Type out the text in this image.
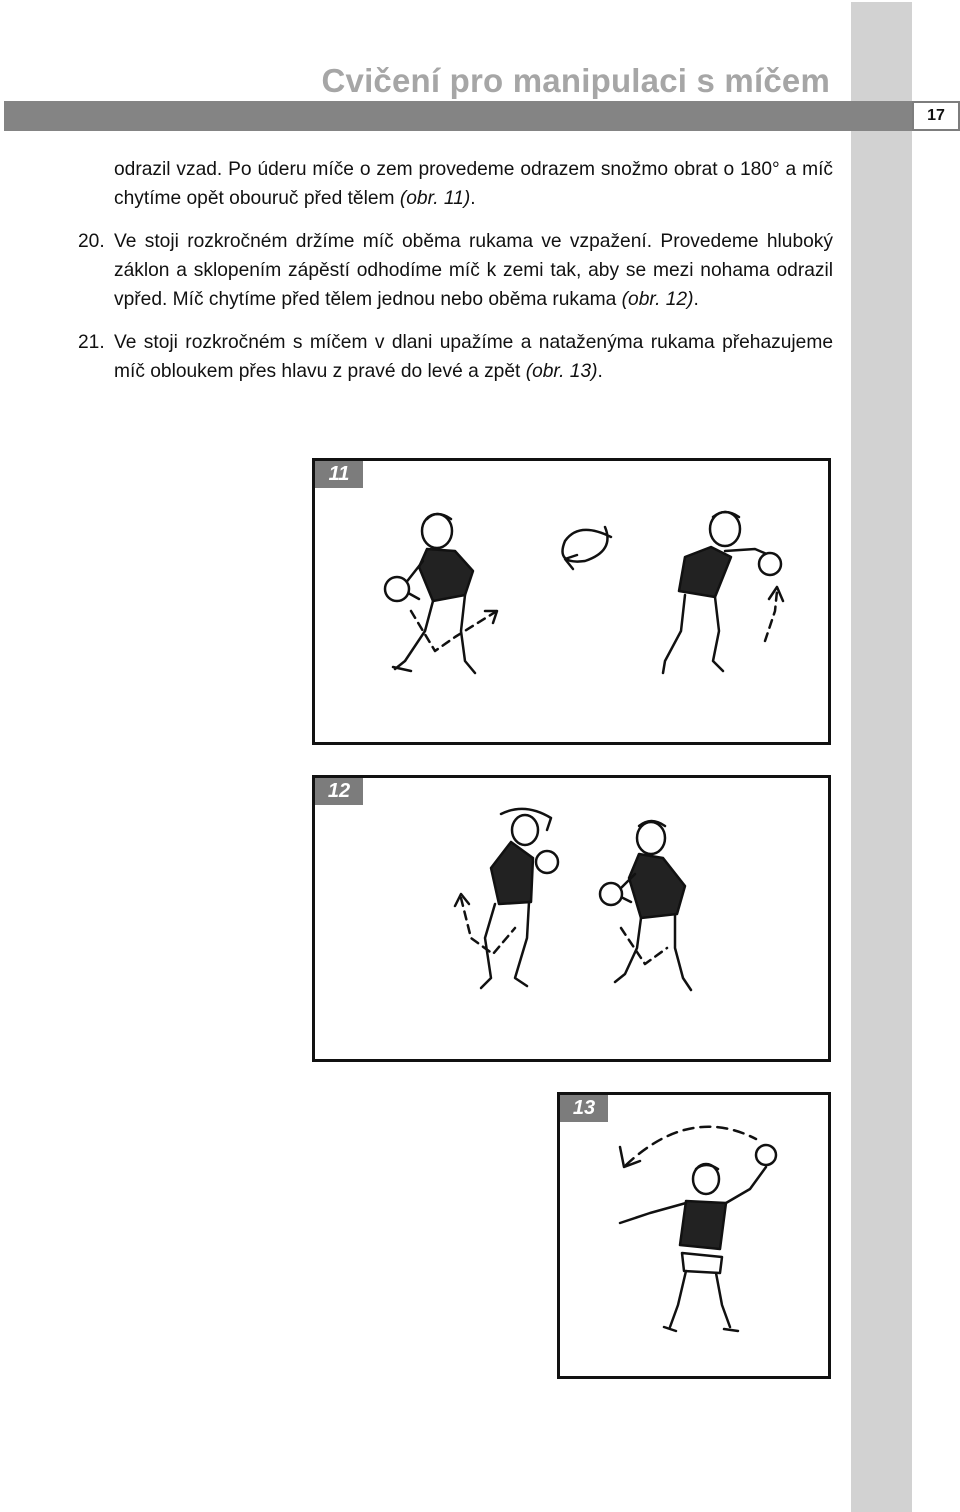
Cvičení pro manipulaci s míčem
17

odrazil vzad. Po úderu míče o zem provedeme odrazem snožmo obrat o 180° a míč chytíme opět obouruč před tělem (obr. 11).

20. Ve stoji rozkročném držíme míč oběma rukama ve vzpažení. Provedeme hluboký záklon a sklopením zápěstí odhodíme míč k zemi tak, aby se mezi nohama odrazil vpřed. Míč chytíme před tělem jednou nebo oběma rukama (obr. 12).

21. Ve stoji rozkročném s míčem v dlani upažíme a nataženýma rukama přehazujeme míč obloukem přes hlavu z pravé do levé a zpět (obr. 13).

11
12
13
